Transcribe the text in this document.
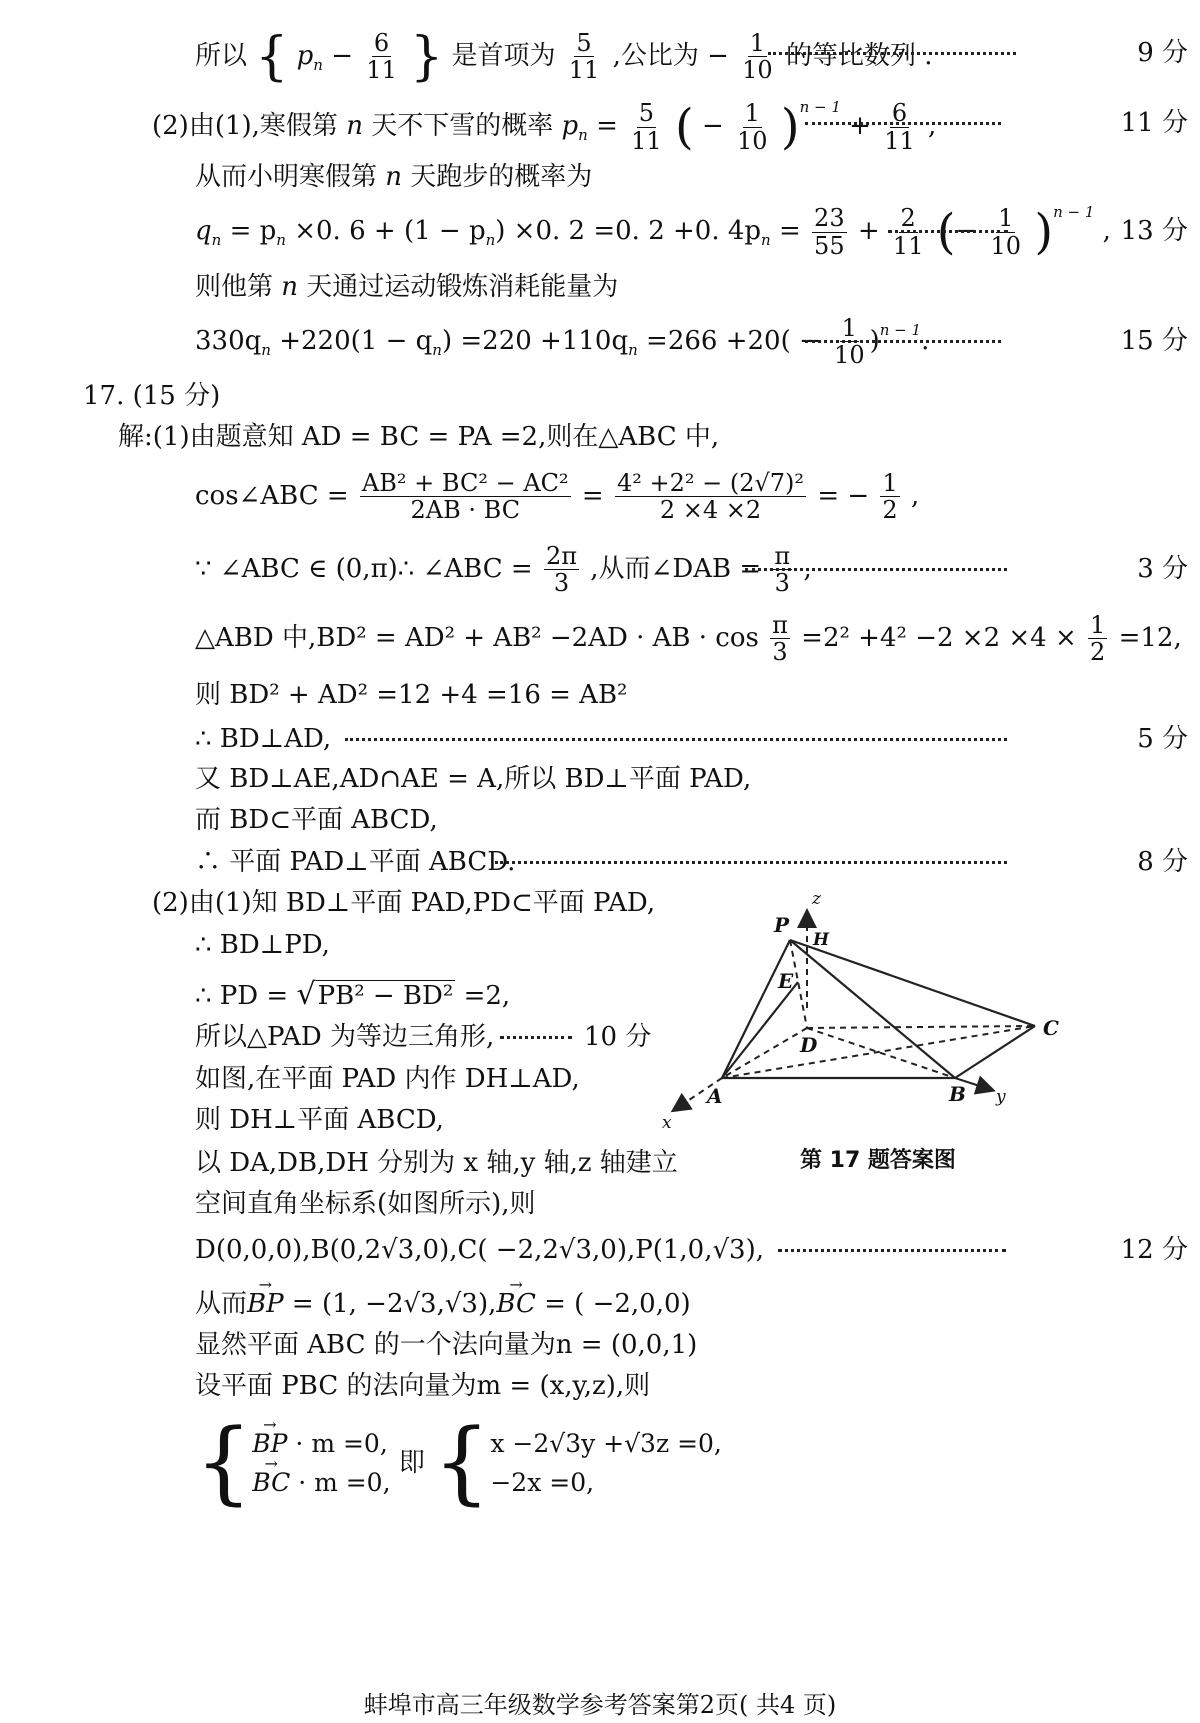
所以 { $p_n - \frac{6}{11}$ } 是首项为 $\frac{5}{11}$ ,公比为 − $\frac{1}{10}$ 的等比数列 .	9 分
(2)由(1),寒假第 n 天不下雪的概率 $p_n = \frac{5}{11}$ ( − $\frac{1}{10} )^{n - 1} + \frac{6}{11}$ ,	11 分
从而小明寒假第 n 天跑步的概率为
$q_n = p_n \times 0$. $6 + (1 - p_n) \times 0$. 2 =0. 2 +0. $4p_n = \frac{23}{55} + \frac{2}{11}$ (− $\frac{1}{10} )^{n - 1}$ , 13 分
则他第 n 天通过运动锻炼消耗能量为
$330q_n +220(1 - q_n) =220 +110q_n =266 +20( - \frac{1}{10} )^{n - 1}$.	15 分
17. (15 分)
解:(1)由题意知 AD = BC = PA =2,则在△ABC 中,
cos∠ABC = $\frac{\text{AB² + BC² − AC²}}{2AB \cdot BC} = \frac{\text{4² +2² − (2√7)²}}{2 \times 4 \times 2}$ = − $\frac{1}{2}$ ,
∵ ∠ABC ∈ (0,π)∴ ∠ABC = $\frac{2\pi}{3}$ ,从而∠DAB = $\frac{\pi}{3}$ ,	3 分
△ABD 中,BD² = AD² + AB² −2AD · AB · $\cos \frac{\pi}{3} =2^2 +4^2 -2 \times 2 \times 4 \times \frac{1}{2} =12$,
则 BD² + AD² =12 +4 =16 = AB²
∴ BD⊥AD,	5 分
又 BD⊥AE,AD∩AE = A,所以 BD⊥平面 PAD,
而 BD⊂平面 ABCD,
∴ 平面 PAD⊥平面 ABCD.	8 分
(2)由(1)知 BD⊥平面 PAD,PD⊂平面 PAD,
∴ BD⊥PD,
∴ PD = √PB² − BD² =2,
所以△PAD 为等边三角形,	10 分
如图,在平面 PAD 内作 DH⊥AD,
则 DH⊥平面 ABCD,
以 DA,DB,DH 分别为 x 轴,y 轴,z 轴建立
空间直角坐标系(如图所示),则
D(0,0,0),B(0,2√3,0),C( −2,2√3,0),P(1,0,√3),	12 分
从而→ BP = (1, −2√3,√3),→ BC = ( −2,0,0)
显然平面 ABC 的一个法向量为n = (0,0,1)
设平面 PBC 的法向量为m = (x,y,z),则
{
→ BP · m =0,
→ BC · m =0,
即 { x −2√3y +√3z =0,
−2x =0,
P
H
E
D
A	B
C
x
y
z
第 17 题答案图
蚌埠市高三年级数学参考答案第2页( 共4 页)
